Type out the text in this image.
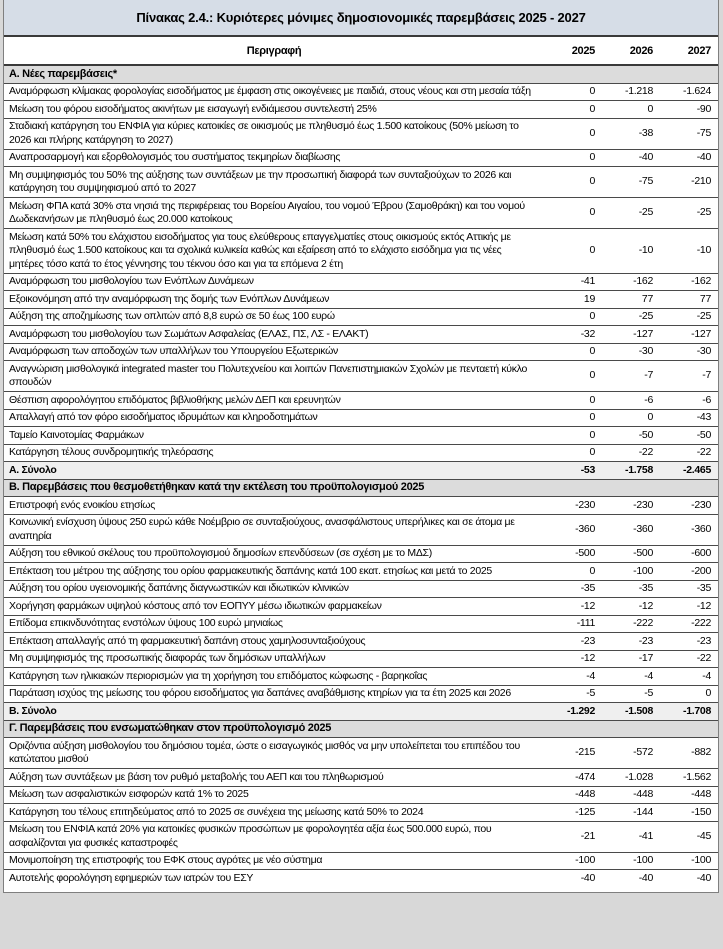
Πίνακας 2.4.: Κυριότερες μόνιμες δημοσιονομικές παρεμβάσεις 2025 - 2027
Περιγραφή	2025	2026	2027
Α. Νέες παρεμβάσεις*			
Αναμόρφωση κλίμακας φορολογίας εισοδήματος με έμφαση στις οικογένειες με παιδιά, στους νέους και στη μεσαία τάξη	0	-1.218	-1.624
Μείωση του φόρου εισοδήματος ακινήτων με εισαγωγή ενδιάμεσου συντελεστή 25%	0	0	-90
Σταδιακή κατάργηση του ΕΝΦΙΑ για κύριες κατοικίες σε οικισμούς με πληθυσμό έως 1.500 κατοίκους (50% μείωση το 2026 και πλήρης κατάργηση το 2027)	0	-38	-75
Αναπροσαρμογή και εξορθολογισμός του συστήματος τεκμηρίων διαβίωσης	0	-40	-40
Μη συμψηφισμός του 50% της αύξησης των συντάξεων με την προσωπική διαφορά των συνταξιούχων το 2026 και κατάργηση του συμψηφισμού από το 2027	0	-75	-210
Μείωση ΦΠΑ κατά 30% στα νησιά της περιφέρειας του Βορείου Αιγαίου, του νομού Έβρου (Σαμοθράκη) και του νομού Δωδεκανήσων με πληθυσμό έως 20.000 κατοίκους	0	-25	-25
Μείωση κατά 50% του ελάχιστου εισοδήματος για τους ελεύθερους επαγγελματίες στους οικισμούς εκτός Αττικής με πληθυσμό έως 1.500 κατοίκους και τα σχολικά κυλικεία καθώς και εξαίρεση από το ελάχιστο εισόδημα για τις νέες μητέρες τόσο κατά το έτος γέννησης του τέκνου όσο και για τα επόμενα 2 έτη	0	-10	-10
Αναμόρφωση του μισθολογίου των Ενόπλων Δυνάμεων	-41	-162	-162
Εξοικονόμηση από την αναμόρφωση της δομής των Ενόπλων Δυνάμεων	19	77	77
Αύξηση της αποζημίωσης των οπλιτών από 8,8 ευρώ σε 50 έως 100 ευρώ	0	-25	-25
Αναμόρφωση του μισθολογίου των Σωμάτων Ασφαλείας (ΕΛΑΣ, ΠΣ, ΛΣ - ΕΛΑΚΤ)	-32	-127	-127
Αναμόρφωση των αποδοχών των υπαλλήλων του Υπουργείου Εξωτερικών	0	-30	-30
Αναγνώριση μισθολογικά integrated master του Πολυτεχνείου και λοιπών Πανεπιστημιακών Σχολών με πενταετή κύκλο σπουδών	0	-7	-7
Θέσπιση αφορολόγητου επιδόματος βιβλιοθήκης μελών ΔΕΠ και ερευνητών	0	-6	-6
Απαλλαγή από τον φόρο εισοδήματος ιδρυμάτων και κληροδοτημάτων	0	0	-43
Ταμείο Καινοτομίας Φαρμάκων	0	-50	-50
Κατάργηση τέλους συνδρομητικής τηλεόρασης	0	-22	-22
Α. Σύνολο	-53	-1.758	-2.465
Β. Παρεμβάσεις που θεσμοθετήθηκαν κατά την εκτέλεση του προϋπολογισμού 2025			
Επιστροφή ενός ενοικίου ετησίως	-230	-230	-230
Κοινωνική ενίσχυση ύψους 250 ευρώ κάθε Νοέμβριο σε συνταξιούχους, ανασφάλιστους υπερήλικες και σε άτομα με αναπηρία	-360	-360	-360
Αύξηση του εθνικού σκέλους του προϋπολογισμού δημοσίων επενδύσεων (σε σχέση με το ΜΔΣ)	-500	-500	-600
Επέκταση του μέτρου της αύξησης του ορίου φαρμακευτικής δαπάνης κατά 100 εκατ. ετησίως και μετά το 2025	0	-100	-200
Αύξηση του ορίου υγειονομικής δαπάνης διαγνωστικών και ιδιωτικών κλινικών	-35	-35	-35
Χορήγηση φαρμάκων υψηλού κόστους από τον ΕΟΠΥΥ μέσω ιδιωτικών φαρμακείων	-12	-12	-12
Επίδομα επικινδυνότητας ενστόλων ύψους 100 ευρώ μηνιαίως	-111	-222	-222
Επέκταση απαλλαγής από τη φαρμακευτική δαπάνη στους χαμηλοσυνταξιούχους	-23	-23	-23
Μη συμψηφισμός της προσωπικής διαφοράς των δημόσιων υπαλλήλων	-12	-17	-22
Κατάργηση των ηλικιακών περιορισμών για τη χορήγηση του επιδόματος κώφωσης - βαρηκοΐας	-4	-4	-4
Παράταση ισχύος της μείωσης του φόρου εισοδήματος για δαπάνες αναβάθμισης κτηρίων για τα έτη 2025 και 2026	-5	-5	0
Β. Σύνολο	-1.292	-1.508	-1.708
Γ. Παρεμβάσεις που ενσωματώθηκαν στον προϋπολογισμό 2025			
Οριζόντια αύξηση μισθολογίου του δημόσιου τομέα, ώστε ο εισαγωγικός μισθός να μην υπολείπεται του επιπέδου του κατώτατου μισθού	-215	-572	-882
Αύξηση των συντάξεων με βάση τον ρυθμό μεταβολής του ΑΕΠ και του πληθωρισμού	-474	-1.028	-1.562
Μείωση των ασφαλιστικών εισφορών κατά 1% το 2025	-448	-448	-448
Κατάργηση του τέλους επιτηδεύματος από το 2025 σε συνέχεια της μείωσης κατά 50% το 2024	-125	-144	-150
Μείωση του ΕΝΦΙΑ κατά 20% για κατοικίες φυσικών προσώπων με φορολογητέα αξία έως 500.000 ευρώ, που ασφαλίζονται για φυσικές καταστροφές	-21	-41	-45
Μονιμοποίηση της επιστροφής του ΕΦΚ στους αγρότες με νέο σύστημα	-100	-100	-100
Αυτοτελής φορολόγηση εφημεριών των ιατρών του ΕΣΥ	-40	-40	-40
